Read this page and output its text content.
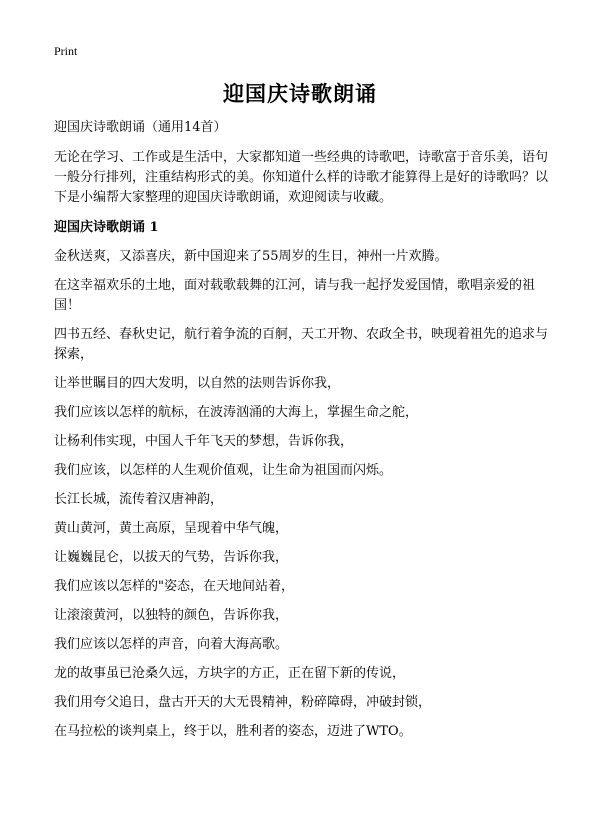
Print
迎国庆诗歌朗诵

迎国庆诗歌朗诵（通用14首）

无论在学习、工作或是生活中，大家都知道一些经典的诗歌吧，诗歌富于音乐美，语句一般分行排列，注重结构形式的美。你知道什么样的诗歌才能算得上是好的诗歌吗？以下是小编帮大家整理的迎国庆诗歌朗诵，欢迎阅读与收藏。

迎国庆诗歌朗诵 1

金秋送爽，又添喜庆，新中国迎来了55周岁的生日，神州一片欢腾。

在这幸福欢乐的土地，面对载歌载舞的江河，请与我一起抒发爱国情，歌唱亲爱的祖国！

四书五经、春秋史记，航行着争流的百舸，天工开物、农政全书，映现着祖先的追求与探索，

让举世瞩目的四大发明，以自然的法则告诉你我，

我们应该以怎样的航标，在波涛汹涌的大海上，掌握生命之舵，

让杨利伟实现，中国人千年飞天的梦想，告诉你我，

我们应该，以怎样的人生观价值观，让生命为祖国而闪烁。

长江长城，流传着汉唐神韵，

黄山黄河，黄土高原，呈现着中华气魄，

让巍巍昆仑，以拔天的气势，告诉你我，

我们应该以怎样的"姿态，在天地间站着，

让滚滚黄河，以独特的颜色，告诉你我，

我们应该以怎样的声音，向着大海高歌。

龙的故事虽已沧桑久远，方块字的方正，正在留下新的传说，

我们用夸父追日，盘古开天的大无畏精神，粉碎障碍，冲破封锁，

在马拉松的谈判桌上，终于以，胜利者的姿态，迈进了WTO。
